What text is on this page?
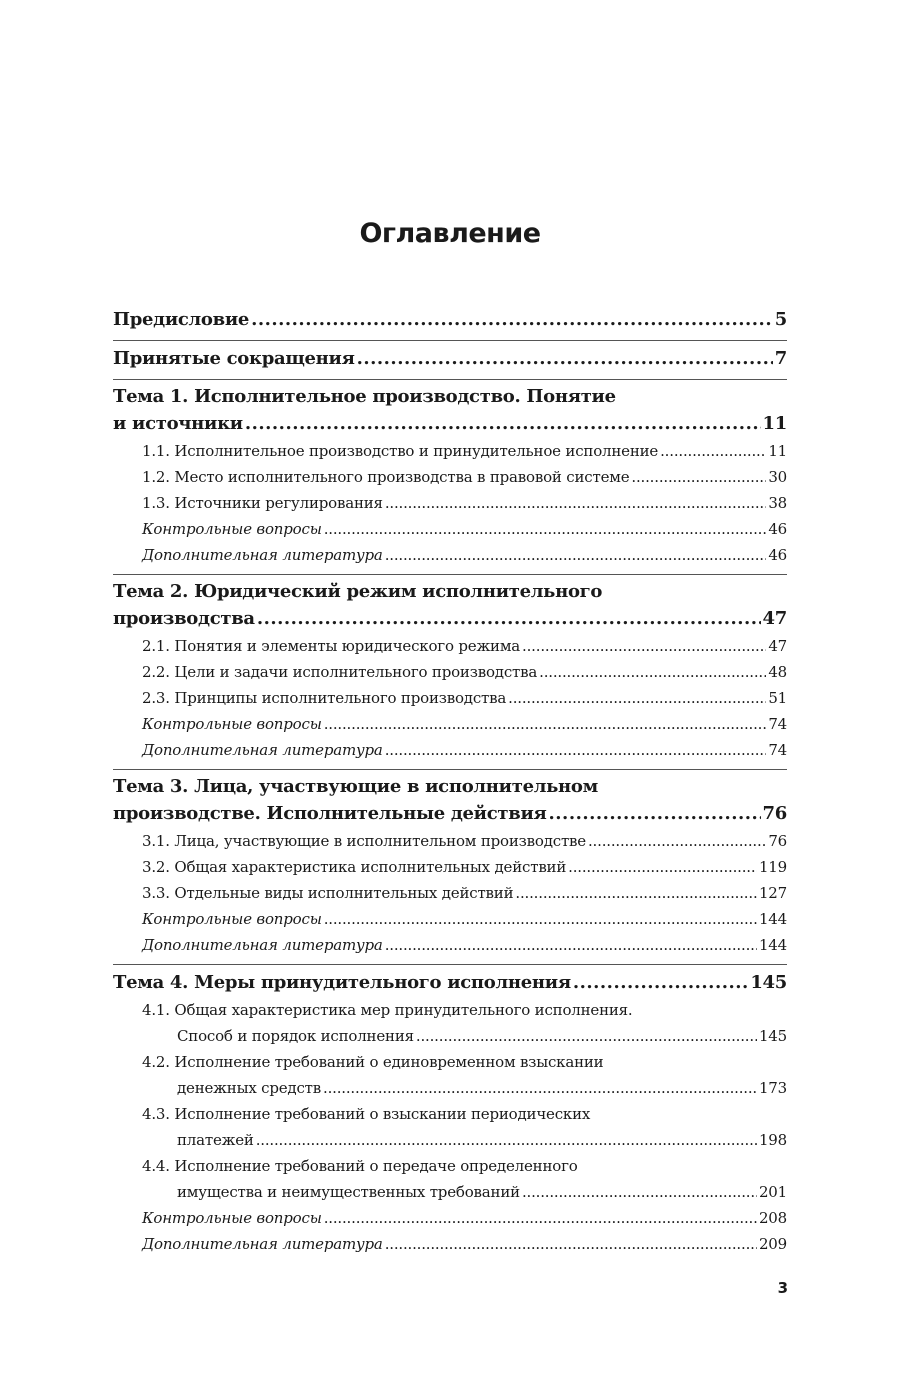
Оглавление
Предисловие .....	5
Принятые сокращения .....	7
Тема 1. Исполнительное производство. Понятие
и источники .....	11
1.1. Исполнительное производство и принудительное исполнение .....	11
1.2. Место исполнительного производства в правовой системе .....	30
1.3. Источники регулирования .....	38
Контрольные вопросы .....	46
Дополнительная литература .....	46
Тема 2. Юридический режим исполнительного
производства .....	47
2.1. Понятия и элементы юридического режима .....	47
2.2. Цели и задачи исполнительного производства .....	48
2.3. Принципы исполнительного производства .....	51
Контрольные вопросы .....	74
Дополнительная литература .....	74
Тема 3. Лица, участвующие в исполнительном
производстве. Исполнительные действия .....	76
3.1. Лица, участвующие в исполнительном производстве .....	76
3.2. Общая характеристика исполнительных действий .....	119
3.3. Отдельные виды исполнительных действий .....	127
Контрольные вопросы .....	144
Дополнительная литература .....	144
Тема 4. Меры принудительного исполнения .....	145
4.1. Общая характеристика мер принудительного исполнения.
Способ и порядок исполнения .....	145
4.2. Исполнение требований о единовременном взыскании
денежных средств .....	173
4.3. Исполнение требований о взыскании периодических
платежей .....	198
4.4. Исполнение требований о передаче определенного
имущества и неимущественных требований .....	201
Контрольные вопросы .....	208
Дополнительная литература .....	209
3
